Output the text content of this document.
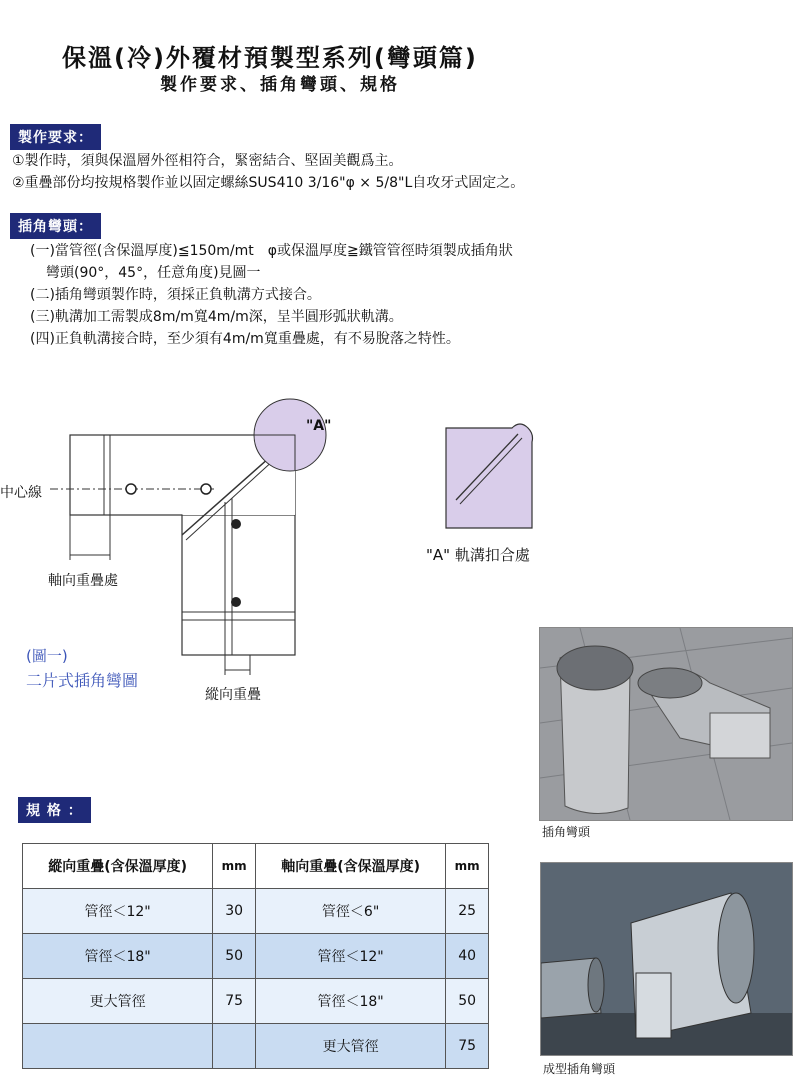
保溫(冷)外覆材預製型系列(彎頭篇)
製作要求、插角彎頭、規格
製作要求：
①製作時，須與保溫層外徑相符合，緊密結合、堅固美觀爲主。
②重疊部份均按規格製作並以固定螺絲SUS410 3/16"φ × 5/8"L自攻牙式固定之。
插角彎頭：
(一)當管徑(含保溫厚度)≦150m/mt　φ或保溫厚度≧鐵管管徑時須製成插角狀
彎頭(90°，45°，任意角度)見圖一
(二)插角彎頭製作時，須採正負軌溝方式接合。
(三)軌溝加工需製成8m/m寬4m/m深，呈半圓形弧狀軌溝。
(四)正負軌溝接合時，至少須有4m/m寬重疊處，有不易脫落之特性。
中心線
軸向重疊處
縱向重疊
"A"
(圖一)
二片式插角彎圖
"A" 軌溝扣合處
插角彎頭
成型插角彎頭
規 格 ：
縱向重疊(含保溫厚度)	mm	軸向重疊(含保溫厚度)	mm
管徑＜12"	30	管徑＜6"	25
管徑＜18"	50	管徑＜12"	40
更大管徑	75	管徑＜18"	50
		更大管徑	75
